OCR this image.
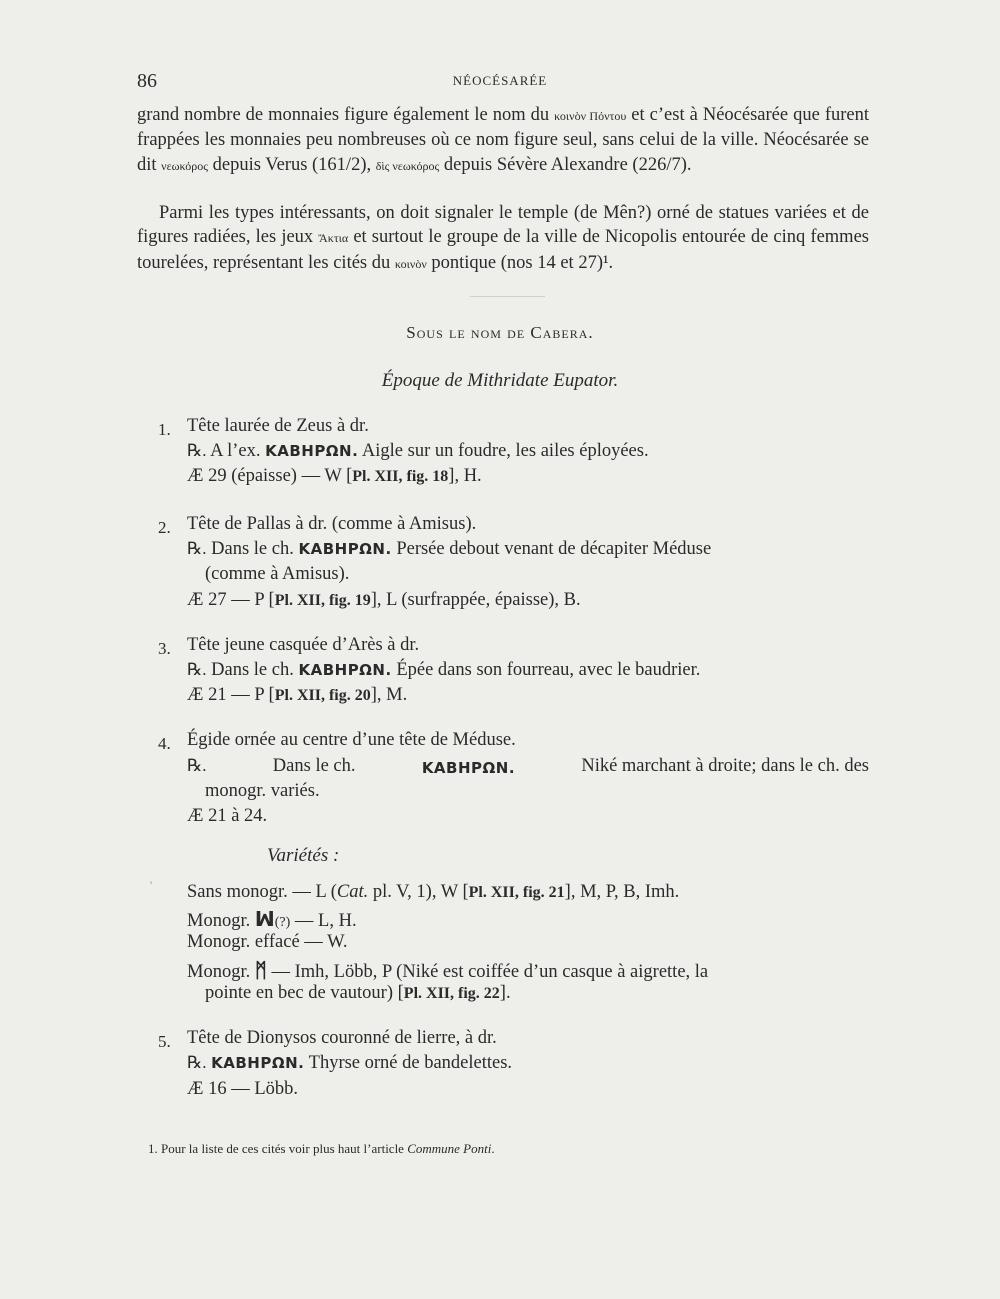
86	NÉOCÉSARÉE

grand nombre de monnaies figure également le nom du κοινὸν Πόντου et c’est à Néocésarée que furent frappées les monnaies peu nombreuses où ce nom figure seul, sans celui de la ville. Néocésarée se dit νεωκόρος depuis Verus (161/2), δὶς νεωκόρος depuis Sévère Alexandre (226/7).

Parmi les types intéressants, on doit signaler le temple (de Mên?) orné de statues variées et de figures radiées, les jeux Ἄκτια et surtout le groupe de la ville de Nicopolis entourée de cinq femmes tourelées, représentant les cités du κοινὸν pontique (nos 14 et 27)¹.

Sous le nom de Cabera.
Époque de Mithridate Eupator.
1. Tête laurée de Zeus à dr.
℞. A l’ex. KABHPΩN. Aigle sur un foudre, les ailes éployées.
Æ 29 (épaisse) — W [Pl. XII, fig. 18], H.
2. Tête de Pallas à dr. (comme à Amisus).
℞. Dans le ch. KABHPΩN. Persée debout venant de décapiter Méduse
(comme à Amisus).
Æ 27 — P [Pl. XII, fig. 19], L (surfrappée, épaisse), B.
3. Tête jeune casquée d’Arès à dr.
℞. Dans le ch. KABHPΩN. Épée dans son fourreau, avec le baudrier.
Æ 21 — P [Pl. XII, fig. 20], M.
4. Égide ornée au centre d’une tête de Méduse.
℞.	Dans le ch.	KABHPΩN.	Niké marchant à droite; dans le ch. des
monogr. variés.
Æ 21 à 24.
Variétés :
' Sans monogr. — L (Cat. pl. V, 1), W [Pl. XII, fig. 21], M, P, B, Imh.
Monogr. ꟽ(?) — L, H.
Monogr. effacé — W.
Monogr. ᛗ — Imh, Löbb, P (Niké est coiffée d’un casque à aigrette, la
pointe en bec de vautour) [Pl. XII, fig. 22].
5. Tête de Dionysos couronné de lierre, à dr.
℞. KABHPΩN. Thyrse orné de bandelettes.
Æ 16 — Löbb.
1. Pour la liste de ces cités voir plus haut l’article Commune Ponti.
